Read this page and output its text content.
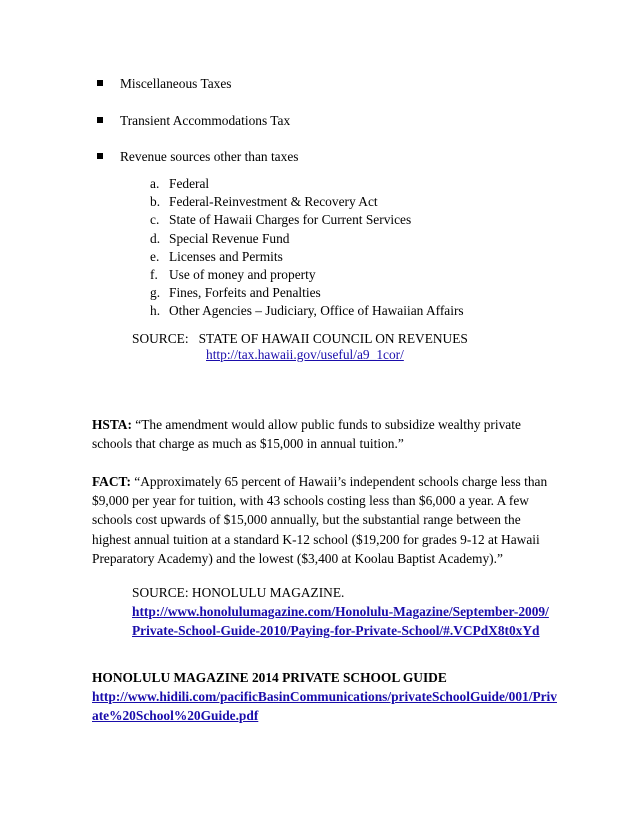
Miscellaneous Taxes
Transient Accommodations Tax
Revenue sources other than taxes
a. Federal
b. Federal-Reinvestment & Recovery Act
c. State of Hawaii Charges for Current Services
d. Special Revenue Fund
e. Licenses and Permits
f. Use of money and property
g. Fines, Forfeits and Penalties
h. Other Agencies – Judiciary, Office of Hawaiian Affairs
SOURCE:   STATE OF HAWAII COUNCIL ON REVENUES
http://tax.hawaii.gov/useful/a9_1cor/
HSTA: “The amendment would allow public funds to subsidize wealthy private schools that charge as much as $15,000 in annual tuition.”
FACT: “Approximately 65 percent of Hawaii’s independent schools charge less than $9,000 per year for tuition, with 43 schools costing less than $6,000 a year. A few schools cost upwards of $15,000 annually, but the substantial range between the highest annual tuition at a standard K-12 school ($19,200 for grades 9-12 at Hawaii Preparatory Academy) and the lowest ($3,400 at Koolau Baptist Academy).”
SOURCE: HONOLULU MAGAZINE.
http://www.honolulumagazine.com/Honolulu-Magazine/September-2009/Private-School-Guide-2010/Paying-for-Private-School/#.VCPdX8t0xYd
HONOLULU MAGAZINE 2014 PRIVATE SCHOOL GUIDE
http://www.hidili.com/pacificBasinCommunications/privateSchoolGuide/001/Private%20School%20Guide.pdf
